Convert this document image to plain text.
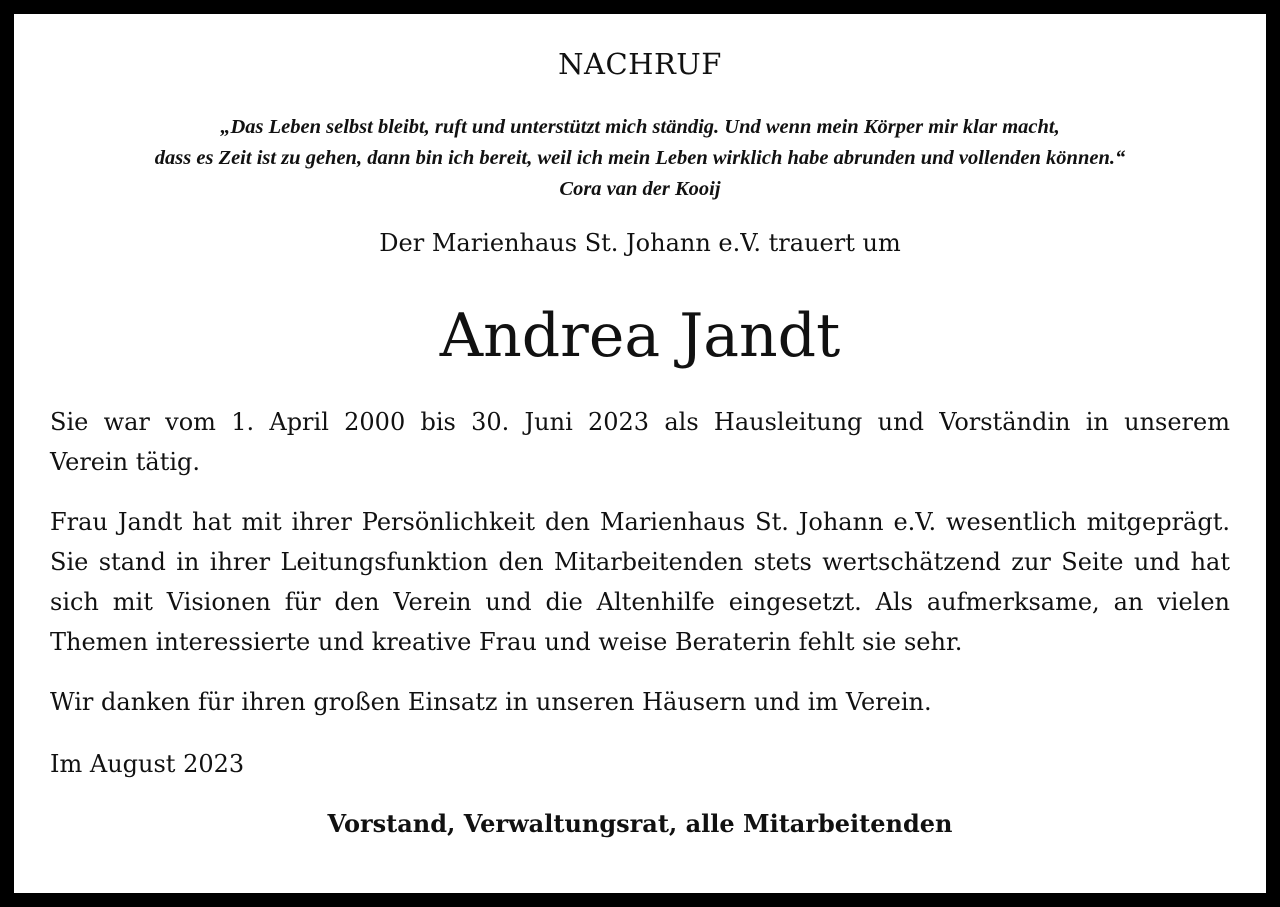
NACHRUF
„Das Leben selbst bleibt, ruft und unterstützt mich ständig. Und wenn mein Körper mir klar macht,
dass es Zeit ist zu gehen, dann bin ich bereit, weil ich mein Leben wirklich habe abrunden und vollenden können.“
Cora van der Kooij
Der Marienhaus St. Johann e.V. trauert um
Andrea Jandt
Sie war vom 1. April 2000 bis 30. Juni 2023 als Hausleitung und Vorständin in unserem
Verein tätig.
Frau Jandt hat mit ihrer Persönlichkeit den Marienhaus St. Johann e.V. wesentlich mitgeprägt.
Sie stand in ihrer Leitungsfunktion den Mitarbeitenden stets wertschätzend zur Seite und hat
sich mit Visionen für den Verein und die Altenhilfe eingesetzt. Als aufmerksame, an vielen
Themen interessierte und kreative Frau und weise Beraterin fehlt sie sehr.
Wir danken für ihren großen Einsatz in unseren Häusern und im Verein.
Im August 2023
Vorstand, Verwaltungsrat, alle Mitarbeitenden
